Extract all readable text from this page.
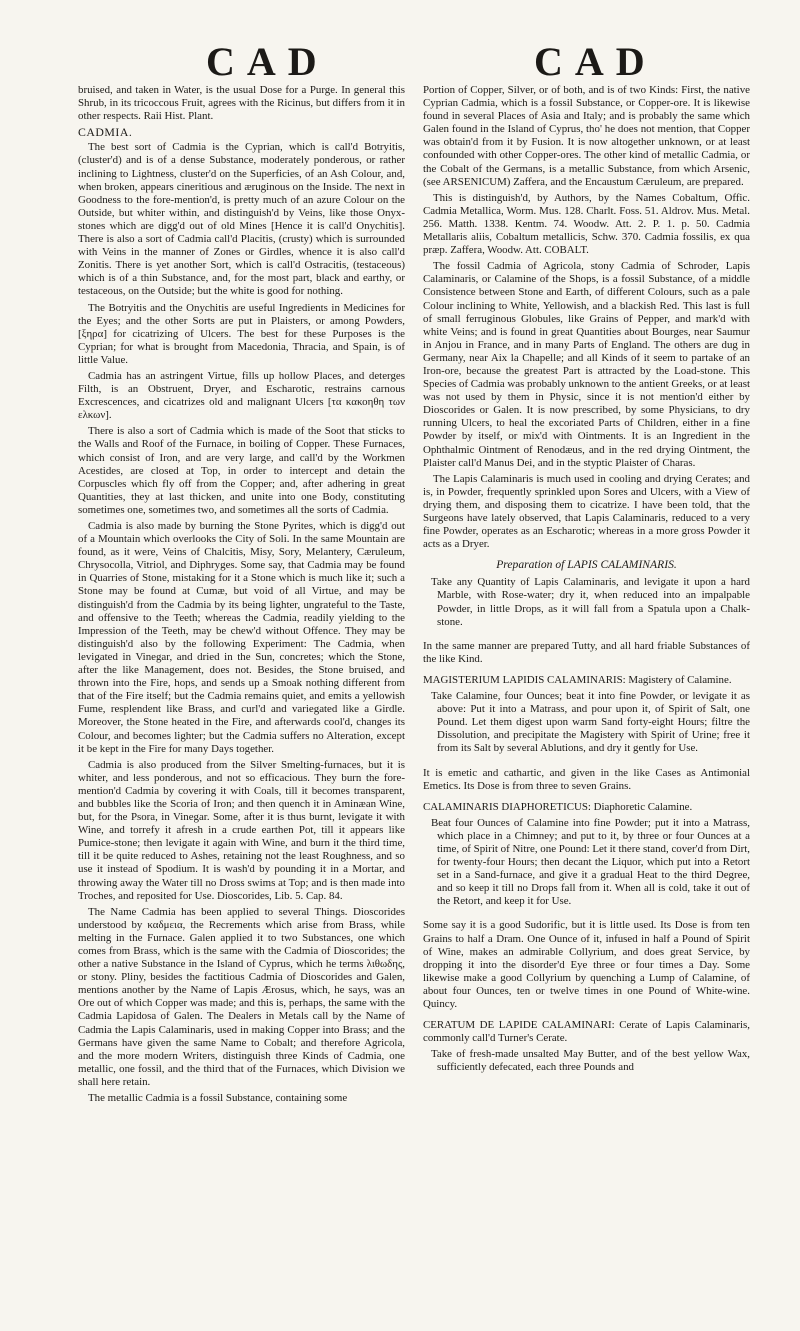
CAD	CAD

bruised, and taken in Water, is the usual Dose for a Purge. In general this Shrub, in its tricoccous Fruit, agrees with the Ricinus, but differs from it in other respects. Raii Hist. Plant.

CADMIA.

The best sort of Cadmia is the Cyprian, which is call'd Botryitis, (cluster'd) and is of a dense Substance, moderately ponderous, or rather inclining to Lightness, cluster'd on the Superficies, of an Ash Colour, and, when broken, appears cineritious and æruginous on the Inside. The next in Goodness to the fore-mention'd, is pretty much of an azure Colour on the Outside, but whiter within, and distinguish'd by Veins, like those Onyx-stones which are digg'd out of old Mines [Hence it is call'd Onychitis]. There is also a sort of Cadmia call'd Placitis, (crusty) which is surrounded with Veins in the manner of Zones or Girdles, whence it is also call'd Zonitis. There is yet another Sort, which is call'd Ostracitis, (testaceous) which is of a thin Substance, and, for the most part, black and earthy, or testaceous, on the Outside; but the white is good for nothing.

The Botryitis and the Onychitis are useful Ingredients in Medicines for the Eyes; and the other Sorts are put in Plaisters, or among Powders, [ξηρα] for cicatrizing of Ulcers. The best for these Purposes is the Cyprian; for what is brought from Macedonia, Thracia, and Spain, is of little Value.

Cadmia has an astringent Virtue, fills up hollow Places, and deterges Filth, is an Obstruent, Dryer, and Escharotic, restrains carnous Excrescences, and cicatrizes old and malignant Ulcers [τα κακοηθη των ελκων].

There is also a sort of Cadmia which is made of the Soot that sticks to the Walls and Roof of the Furnace, in boiling of Copper. These Furnaces, which consist of Iron, and are very large, and call'd by the Workmen Acestides, are closed at Top, in order to intercept and detain the Corpuscles which fly off from the Copper; and, after adhering in great Quantities, they at last thicken, and unite into one Body, constituting sometimes one, sometimes two, and sometimes all the sorts of Cadmia.

Cadmia is also made by burning the Stone Pyrites, which is digg'd out of a Mountain which overlooks the City of Soli. In the same Mountain are found, as it were, Veins of Chalcitis, Misy, Sory, Melantery, Cæruleum, Chrysocolla, Vitriol, and Diphryges. Some say, that Cadmia may be found in Quarries of Stone, mistaking for it a Stone which is much like it; such a Stone may be found at Cumæ, but void of all Virtue, and may be distinguish'd from the Cadmia by its being lighter, ungrateful to the Taste, and offensive to the Teeth; whereas the Cadmia, readily yielding to the Impression of the Teeth, may be chew'd without Offence. They may be distinguish'd also by the following Experiment: The Cadmia, when levigated in Vinegar, and dried in the Sun, concretes; which the Stone, after the like Management, does not. Besides, the Stone bruised, and thrown into the Fire, hops, and sends up a Smoak nothing different from that of the Fire itself; but the Cadmia remains quiet, and emits a yellowish Fume, resplendent like Brass, and curl'd and variegated like a Girdle. Moreover, the Stone heated in the Fire, and afterwards cool'd, changes its Colour, and becomes lighter; but the Cadmia suffers no Alteration, except it be kept in the Fire for many Days together.

Cadmia is also produced from the Silver Smelting-furnaces, but it is whiter, and less ponderous, and not so efficacious. They burn the fore-mention'd Cadmia by covering it with Coals, till it becomes transparent, and bubbles like the Scoria of Iron; and then quench it in Aminæan Wine, but, for the Psora, in Vinegar. Some, after it is thus burnt, levigate it with Wine, and torrefy it afresh in a crude earthen Pot, till it appears like Pumice-stone; then levigate it again with Wine, and burn it the third time, till it be quite reduced to Ashes, retaining not the least Roughness, and so use it instead of Spodium. It is wash'd by pounding it in a Mortar, and throwing away the Water till no Dross swims at Top; and is then made into Troches, and reposited for Use. Dioscorides, Lib. 5. Cap. 84.

The Name Cadmia has been applied to several Things. Dioscorides understood by καδμεια, the Recrements which arise from Brass, while melting in the Furnace. Galen applied it to two Substances, one which comes from Brass, which is the same with the Cadmia of Dioscorides; the other a native Substance in the Island of Cyprus, which he terms λιθωδης, or stony. Pliny, besides the factitious Cadmia of Dioscorides and Galen, mentions another by the Name of Lapis Ærosus, which, he says, was an Ore out of which Copper was made; and this is, perhaps, the same with the Cadmia Lapidosa of Galen. The Dealers in Metals call by the Name of Cadmia the Lapis Calaminaris, used in making Copper into Brass; and the Germans have given the same Name to Cobalt; and therefore Agricola, and the more modern Writers, distinguish three Kinds of Cadmia, one metallic, one fossil, and the third that of the Furnaces, which Division we shall here retain.

The metallic Cadmia is a fossil Substance, containing some

Portion of Copper, Silver, or of both, and is of two Kinds: First, the native Cyprian Cadmia, which is a fossil Substance, or Copper-ore. It is likewise found in several Places of Asia and Italy; and is probably the same which Galen found in the Island of Cyprus, tho' he does not mention, that Copper was obtain'd from it by Fusion. It is now altogether unknown, or at least confounded with other Copper-ores. The other kind of metallic Cadmia, or the Cobalt of the Germans, is a metallic Substance, from which Arsenic, (see ARSENICUM) Zaffera, and the Encaustum Cæruleum, are prepared.

This is distinguish'd, by Authors, by the Names Cobaltum, Offic. Cadmia Metallica, Worm. Mus. 128. Charlt. Foss. 51. Aldrov. Mus. Metal. 256. Matth. 1338. Kentm. 74. Woodw. Att. 2. P. 1. p. 50. Cadmia Metallaris aliis, Cobaltum metallicis, Schw. 370. Cadmia fossilis, ex qua præp. Zaffera, Woodw. Att. COBALT.

The fossil Cadmia of Agricola, stony Cadmia of Schroder, Lapis Calaminaris, or Calamine of the Shops, is a fossil Substance, of a middle Consistence between Stone and Earth, of different Colours, such as a pale Colour inclining to White, Yellowish, and a blackish Red. This last is full of small ferruginous Globules, like Grains of Pepper, and mark'd with white Veins; and is found in great Quantities about Bourges, near Saumur in Anjou in France, and in many Parts of England. The others are dug in Germany, near Aix la Chapelle; and all Kinds of it seem to partake of an Iron-ore, because the greatest Part is attracted by the Load-stone. This Species of Cadmia was probably unknown to the antient Greeks, or at least was not used by them in Physic, since it is not mention'd either by Dioscorides or Galen. It is now prescribed, by some Physicians, to dry running Ulcers, to heal the excoriated Parts of Children, either in a fine Powder by itself, or mix'd with Ointments. It is an Ingredient in the Ophthalmic Ointment of Renodæus, and in the red drying Ointment, the Plaister call'd Manus Dei, and in the styptic Plaister of Charas.

The Lapis Calaminaris is much used in cooling and drying Cerates; and is, in Powder, frequently sprinkled upon Sores and Ulcers, with a View of drying them, and disposing them to cicatrize. I have been told, that the Surgeons have lately observed, that Lapis Calaminaris, reduced to a very fine Powder, operates as an Escharotic; whereas in a more gross Powder it acts as a Dryer.

Preparation of LAPIS CALAMINARIS.

Take any Quantity of Lapis Calaminaris, and levigate it upon a hard Marble, with Rose-water; dry it, when reduced into an impalpable Powder, in little Drops, as it will fall from a Spatula upon a Chalk-stone.

In the same manner are prepared Tutty, and all hard friable Substances of the like Kind.

MAGISTERIUM LAPIDIS CALAMINARIS: Magistery of Calamine.

Take Calamine, four Ounces; beat it into fine Powder, or levigate it as above: Put it into a Matrass, and pour upon it, of Spirit of Salt, one Pound. Let them digest upon warm Sand forty-eight Hours; filtre the Dissolution, and precipitate the Magistery with Spirit of Urine; free it from its Salt by several Ablutions, and dry it gently for Use.

It is emetic and cathartic, and given in the like Cases as Antimonial Emetics. Its Dose is from three to seven Grains.

CALAMINARIS DIAPHORETICUS: Diaphoretic Calamine.

Beat four Ounces of Calamine into fine Powder; put it into a Matrass, which place in a Chimney; and put to it, by three or four Ounces at a time, of Spirit of Nitre, one Pound: Let it there stand, cover'd from Dirt, for twenty-four Hours; then decant the Liquor, which put into a Retort set in a Sand-furnace, and give it a gradual Heat to the third Degree, and so keep it till no Drops fall from it. When all is cold, take it out of the Retort, and keep it for Use.

Some say it is a good Sudorific, but it is little used. Its Dose is from ten Grains to half a Dram. One Ounce of it, infused in half a Pound of Spirit of Wine, makes an admirable Collyrium, and does great Service, by dropping it into the disorder'd Eye three or four times a Day. Some likewise make a good Collyrium by quenching a Lump of Calamine, of about four Ounces, ten or twelve times in one Pound of White-wine. Quincy.

CERATUM DE LAPIDE CALAMINARI: Cerate of Lapis Calaminaris, commonly call'd Turner's Cerate.

Take of fresh-made unsalted May Butter, and of the best yellow Wax, sufficiently defecated, each three Pounds and
